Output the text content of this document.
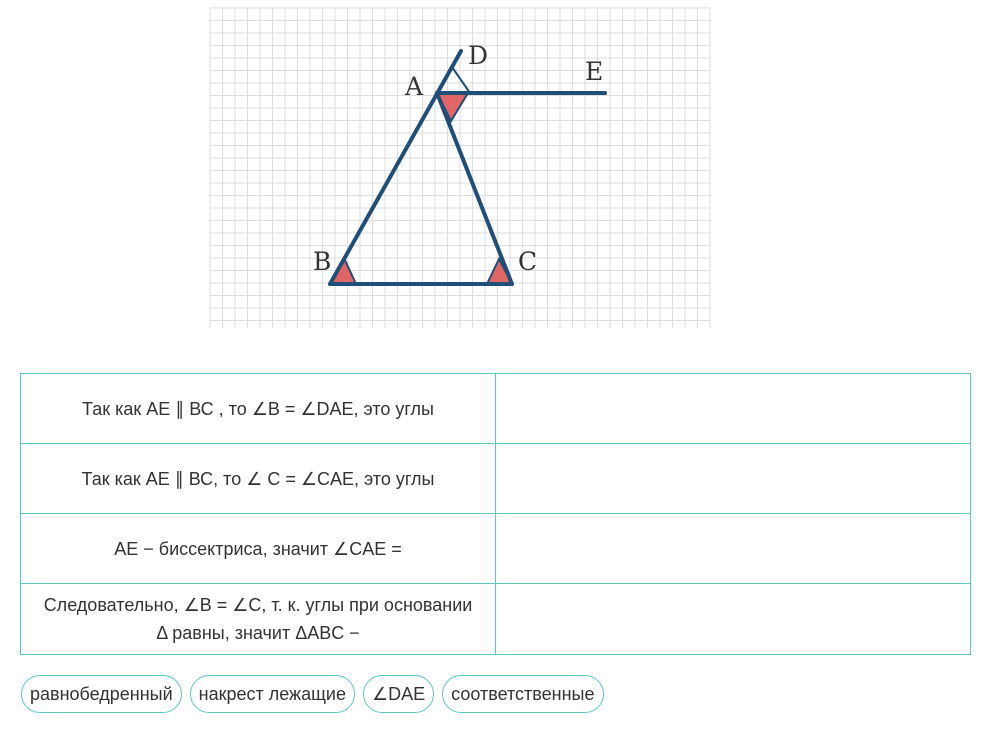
A
B	C
D
E
Так как АЕ ∥ ВС , то ∠B = ∠DAE, это углы	
Так как АЕ ∥ ВС, то ∠ С = ∠CAE, это углы	
АЕ − биссектриса, значит ∠CAE =	
Следовательно, ∠B = ∠C, т. к. углы при основании Δ равны, значит ΔABC −	
равнобедренный	накрест лежащие	∠DAE	соответственные
